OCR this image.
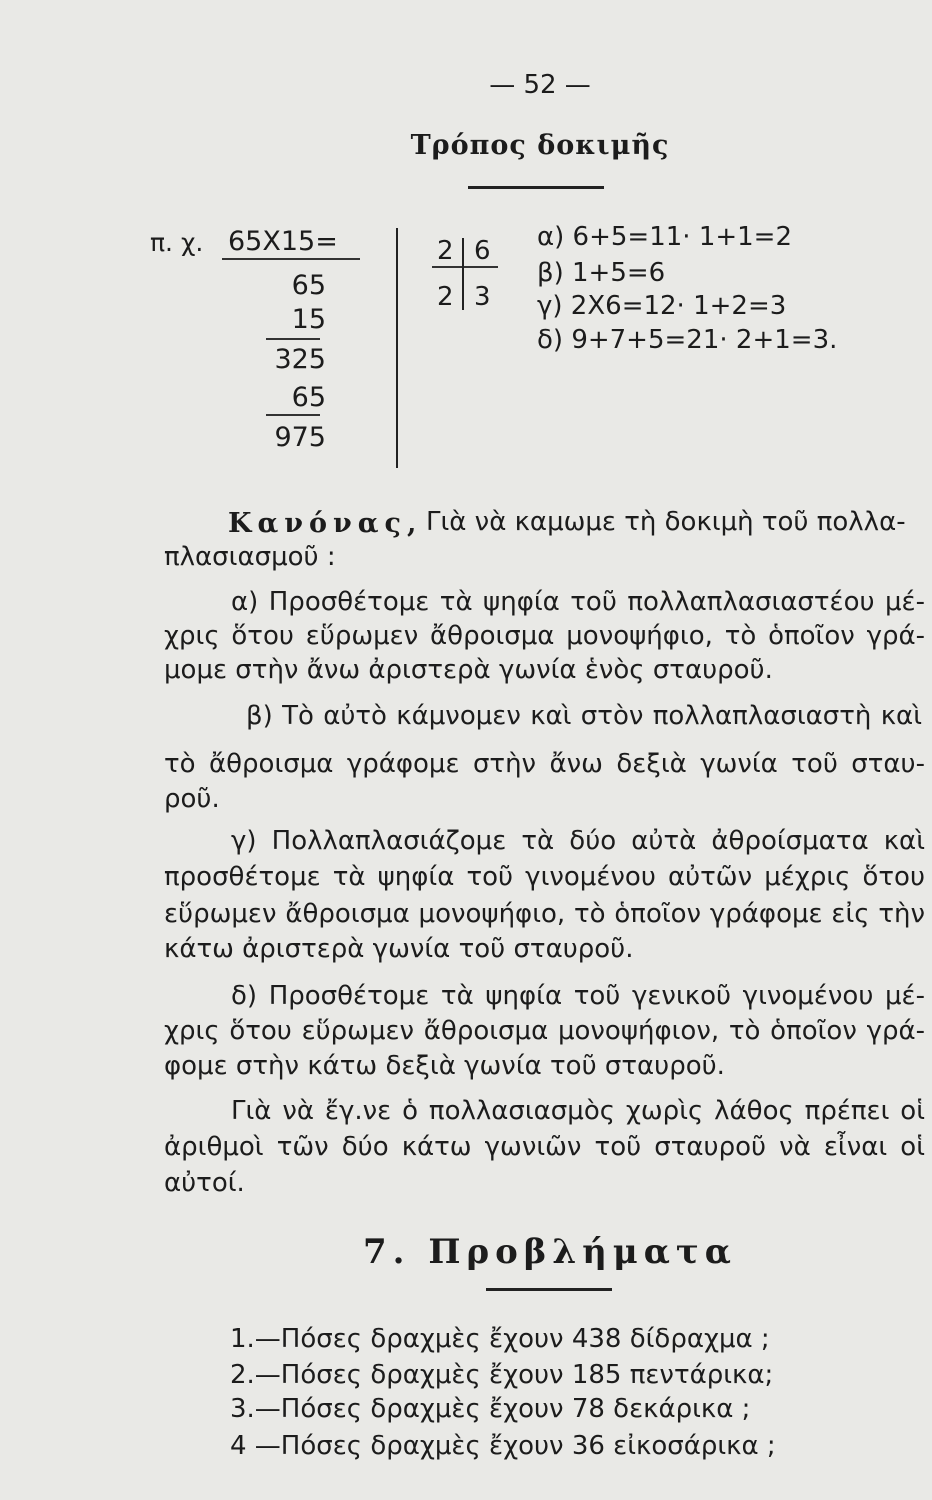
— 52 —
Τρόπος δοκιμῆς
π. χ. 65Χ15=
65
15
325
65
975
2 6
2 3
α) 6+5=11· 1+1=2
β) 1+5=6
γ) 2Χ6=12· 1+2=3
δ) 9+7+5=21· 2+1=3.
Κανόνας, Γιὰ νὰ καμωμε τὴ δοκιμὴ τοῦ πολλα-
πλασιασμοῦ :
α) Προσθέτομε τὰ ψηφία τοῦ πολλαπλασιαστέου μέ-
χρις ὅτου εὕρωμεν ἄθροισμα μονοψήφιο, τὸ ὁποῖον γρά-
μομε στὴν ἄνω ἀριστερὰ γωνία ἑνὸς σταυροῦ.
β) Τὸ αὐτὸ κάμνομεν καὶ στὸν πολλαπλασιαστὴ καὶ
τὸ ἄθροισμα γράφομε στὴν ἄνω δεξιὰ γωνία τοῦ σταυ-
ροῦ.
γ) Πολλαπλασιάζομε τὰ δύο αὐτὰ ἀθροίσματα καὶ
προσθέτομε τὰ ψηφία τοῦ γινομένου αὐτῶν μέχρις ὅτου
εὕρωμεν ἄθροισμα μονοψήφιο, τὸ ὁποῖον γράφομε εἰς τὴν
κάτω ἀριστερὰ γωνία τοῦ σταυροῦ.
δ) Προσθέτομε τὰ ψηφία τοῦ γενικοῦ γινομένου μέ-
χρις ὅτου εὕρωμεν ἄθροισμα μονοψήφιον, τὸ ὁποῖον γρά-
φομε στὴν κάτω δεξιὰ γωνία τοῦ σταυροῦ.
Γιὰ νὰ ἔγ.νε ὁ πολλασιασμὸς χωρὶς λάθος πρέπει οἱ
ἀριθμοὶ τῶν δύο κάτω γωνιῶν τοῦ σταυροῦ νὰ εἶναι οἱ
αὐτοί.
7. Προβλήματα
1.—Πόσες δραχμὲς ἔχουν 438 δίδραχμα ;
2.—Πόσες δραχμὲς ἔχουν 185 πεντάρικα;
3.—Πόσες δραχμὲς ἔχουν 78 δεκάρικα ;
4 —Πόσες δραχμὲς ἔχουν 36 εἰκοσάρικα ;
